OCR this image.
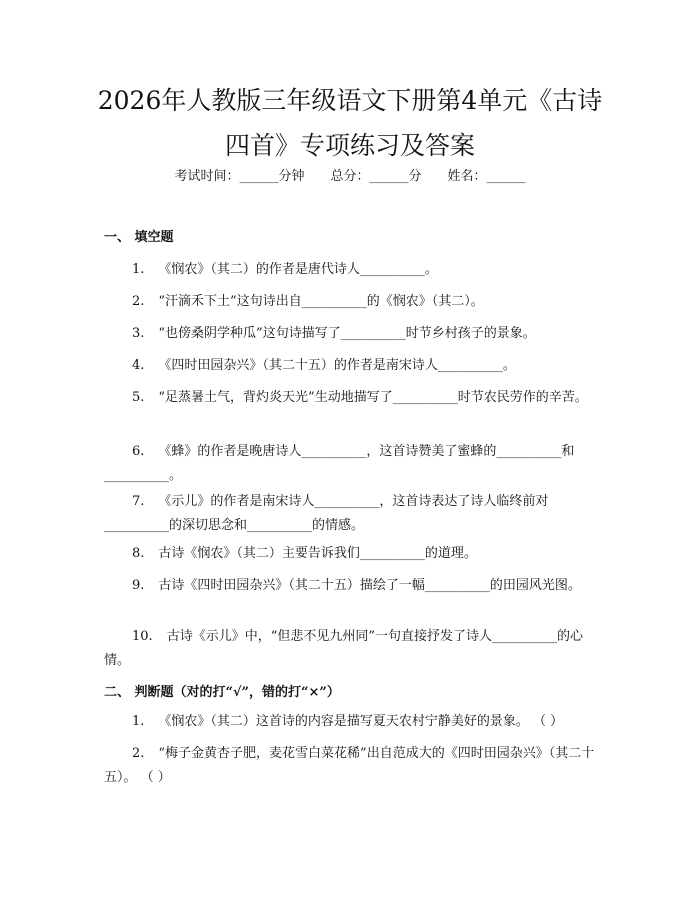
2026年人教版三年级语文下册第4单元《古诗四首》专项练习及答案
考试时间：______分钟 总分：______分 姓名：______
一、 填空题
1. 《悯农》（其二）的作者是唐代诗人__________。
2. “汗滴禾下土”这句诗出自__________的《悯农》（其二）。
3. “也傍桑阴学种瓜”这句诗描写了__________时节乡村孩子的景象。
4. 《四时田园杂兴》（其二十五）的作者是南宋诗人__________。
5. “足蒸暑土气，背灼炎天光”生动地描写了__________时节农民劳作的辛苦。
6. 《蜂》的作者是晚唐诗人__________，这首诗赞美了蜜蜂的__________和__________。
7. 《示儿》的作者是南宋诗人__________，这首诗表达了诗人临终前对__________的深切思念和__________的情感。
8. 古诗《悯农》（其二）主要告诉我们__________的道理。
9. 古诗《四时田园杂兴》（其二十五）描绘了一幅__________的田园风光图。
10. 古诗《示儿》中，“但悲不见九州同”一句直接抒发了诗人__________的心情。
二、 判断题（对的打“√”，错的打“×”）
1. 《悯农》（其二）这首诗的内容是描写夏天农村宁静美好的景象。 （ ）
2. “梅子金黄杏子肥，麦花雪白菜花稀”出自范成大的《四时田园杂兴》（其二十五）。 （ ）
